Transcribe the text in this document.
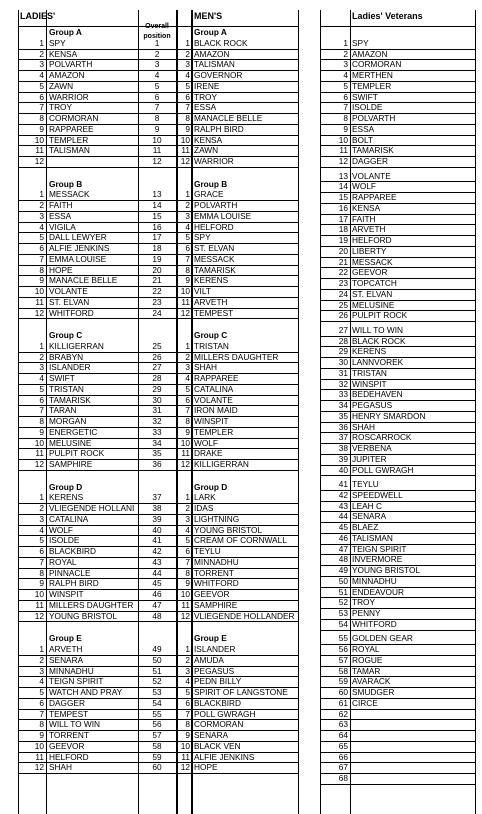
LADIES'
Overall position
MEN'S	Ladies' Veterans
Group A
1 SPY	1
2 KENSA	2
3 POLVARTH	3
4 AMAZON	4
5 ZAWN	5
6 WARRIOR	6
7 TROY	7
8 CORMORAN	8
9 RAPPAREE	9
10 TEMPLER	10
11 TALISMAN	11
12	12
Group B
1 MESSACK	13
2 FAITH	14
3 ESSA	15
4 VIGILA	16
5 DALL LEWYER	17
6 ALFIE JENKINS	18
7 EMMA LOUISE	19
8 HOPE	20
9 MANACLE BELLE	21
10 VOLANTE	22
11 ST. ELVAN	23
12 WHITFORD	24
Group C
1 KILLIGERRAN	25
2 BRABYN	26
3 ISLANDER	27
4 SWIFT	28
5 TRISTAN	29
6 TAMARISK	30
7 TARAN	31
8 MORGAN	32
9 ENERGETIC	33
10 MELUSINE	34
11 PULPIT ROCK	35
12 SAMPHIRE	36
Group D
1 KERENS	37
2 VLIEGENDE HOLLANI	38
3 CATALINA	39
4 WOLF	40
5 ISOLDE	41
6 BLACKBIRD	42
7 ROYAL	43
8 PINNACLE	44
9 RALPH BIRD	45
10 WINSPIT	46
11 MILLERS DAUGHTER	47
12 YOUNG BRISTOL	48
Group E
1 ARVETH	49
2 SENARA	50
3 MINNADHU	51
4 TEIGN SPIRIT	52
5 WATCH AND PRAY	53
6 DAGGER	54
7 TEMPEST	55
8 WILL TO WIN	56
9 TORRENT	57
10 GEEVOR	58
11 HELFORD	59
12 SHAH	60
Group A
1 BLACK ROCK
2 AMAZON
3 TALISMAN
4 GOVERNOR
5 IRENE
6 TROY
7 ESSA
8 MANACLE BELLE
9 RALPH BIRD
10 KENSA
11 ZAWN
12 WARRIOR
Group B
1 GRACE
2 POLVARTH
3 EMMA LOUISE
4 HELFORD
5 SPY
6 ST. ELVAN
7 MESSACK
8 TAMARISK
9 KERENS
10 VILT
11 ARVETH
12 TEMPEST
Group C
1 TRISTAN
2 MILLERS DAUGHTER
3 SHAH
4 RAPPAREE
5 CATALINA
6 VOLANTE
7 IRON MAID
8 WINSPIT
9 TEMPLER
10 WOLF
11 DRAKE
12 KILLIGERRAN
Group D
1 LARK
2 IDAS
3 LIGHTNING
4 YOUNG BRISTOL
5 CREAM OF CORNWALL
6 TEYLU
7 MINNADHU
8 TORRENT
9 WHITFORD
10 GEEVOR
11 SAMPHIRE
12 VLIEGENDE HOLLANDER
Group E
1 ISLANDER
2 AMUDA
3 PEGASUS
4 PEDN BILLY
5 SPIRIT OF LANGSTONE
6 BLACKBIRD
7 POLL GWRAGH
8 CORMORAN
9 SENARA
10 BLACK VEN
11 ALFIE JENKINS
12 HOPE
1 SPY
2 AMAZON
3 CORMORAN
4 MERTHEN
5 TEMPLER
6 SWIFT
7 ISOLDE
8 POLVARTH
9 ESSA
10 BOLT
11 TAMARISK
12 DAGGER
13 VOLANTE
14 WOLF
15 RAPPAREE
16 KENSA
17 FAITH
18 ARVETH
19 HELFORD
20 LIBERTY
21 MESSACK
22 GEEVOR
23 TOPCATCH
24 ST. ELVAN
25 MELUSINE
26 PULPIT ROCK
27 WILL TO WIN
28 BLACK ROCK
29 KERENS
30 LANNVOREK
31 TRISTAN
32 WINSPIT
33 BEDEHAVEN
34 PEGASUS
35 HENRY SMARDON
36 SHAH
37 ROSCARROCK
38 VERBENA
39 JUPITER
40 POLL GWRAGH
41 TEYLU
42 SPEEDWELL
43 LEAH C
44 SENARA
45 BLAEZ
46 TALISMAN
47 TEIGN SPIRIT
48 INVERMORE
49 YOUNG BRISTOL
50 MINNADHU
51 ENDEAVOUR
52 TROY
53 PENNY
54 WHITFORD
55 GOLDEN GEAR
56 ROYAL
57 ROGUE
58 TAMAR
59 AVARACK
60 SMUDGER
61 CIRCE
62
63
64
65
66
67
68
